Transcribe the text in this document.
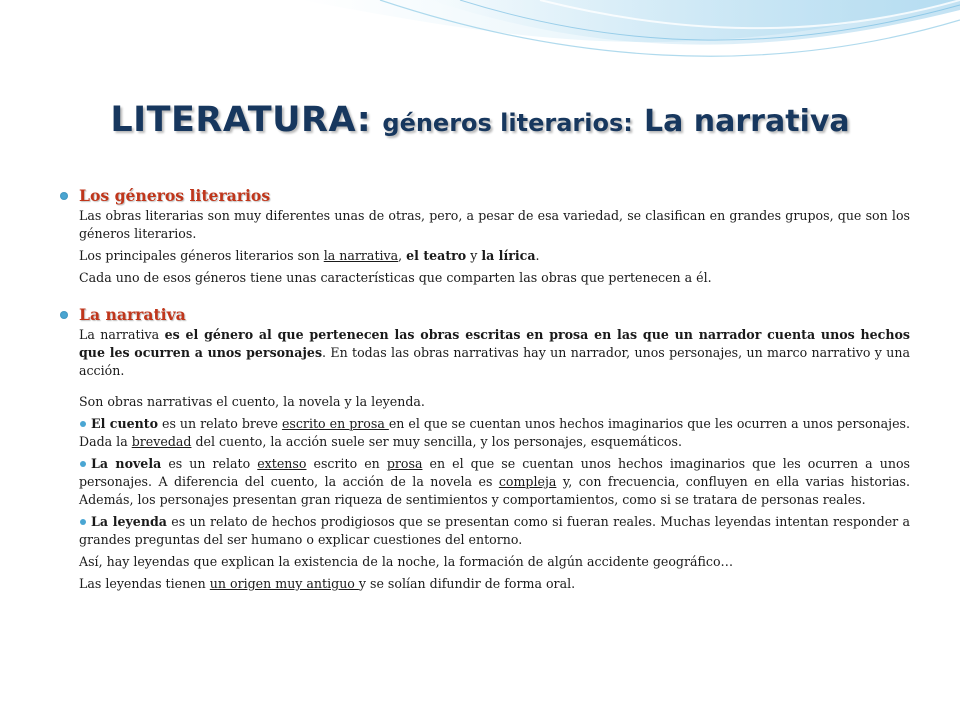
LITERATURA: géneros literarios: La narrativa
Los géneros literarios

Las obras literarias son muy diferentes unas de otras, pero, a pesar de esa variedad, se clasifican en grandes grupos, que son los géneros literarios.

Los principales géneros literarios son la narrativa, el teatro y la lírica.

Cada uno de esos géneros tiene unas características que comparten las obras que pertenecen a él.

La narrativa

La narrativa es el género al que pertenecen las obras escritas en prosa en las que un narrador cuenta unos hechos que les ocurren a unos personajes. En todas las obras narrativas hay un narrador, unos personajes, un marco narrativo y una acción.

Son obras narrativas el cuento, la novela y la leyenda.

El cuento es un relato breve escrito en prosa en el que se cuentan unos hechos imaginarios que les ocurren a unos personajes. Dada la brevedad del cuento, la acción suele ser muy sencilla, y los personajes, esquemáticos.

La novela es un relato extenso escrito en prosa en el que se cuentan unos hechos imaginarios que les ocurren a unos personajes. A diferencia del cuento, la acción de la novela es compleja y, con frecuencia, confluyen en ella varias historias. Además, los personajes presentan gran riqueza de sentimientos y comportamientos, como si se tratara de personas reales.

La leyenda es un relato de hechos prodigiosos que se presentan como si fueran reales. Muchas leyendas intentan responder a grandes preguntas del ser humano o explicar cuestiones del entorno.

Así, hay leyendas que explican la existencia de la noche, la formación de algún accidente geográfico…

Las leyendas tienen un origen muy antiguo y se solían difundir de forma oral.
